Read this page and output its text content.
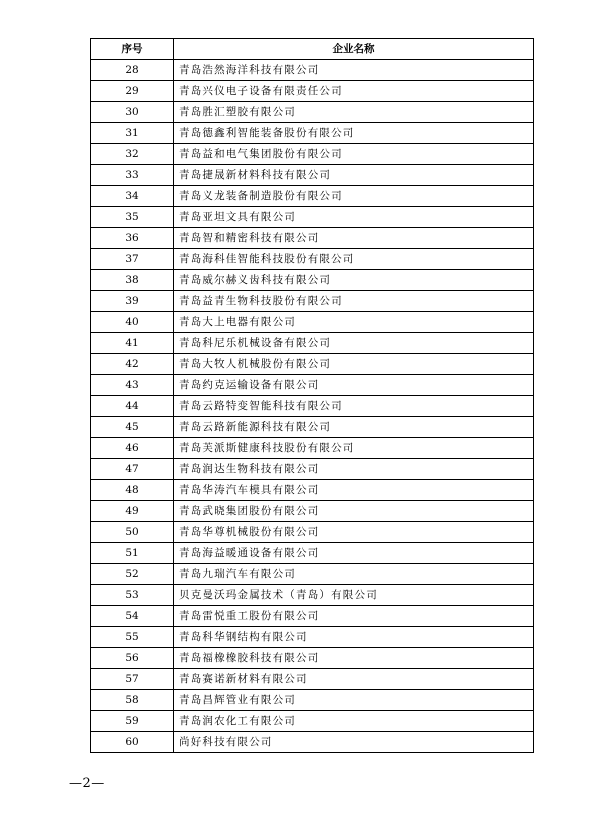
序号	企业名称
28	青岛浩然海洋科技有限公司
29	青岛兴仪电子设备有限责任公司
30	青岛胜汇塑胶有限公司
31	青岛德鑫利智能装备股份有限公司
32	青岛益和电气集团股份有限公司
33	青岛捷晟新材料科技有限公司
34	青岛义龙装备制造股份有限公司
35	青岛亚坦文具有限公司
36	青岛智和精密科技有限公司
37	青岛海科佳智能科技股份有限公司
38	青岛威尔赫义齿科技有限公司
39	青岛益青生物科技股份有限公司
40	青岛大上电器有限公司
41	青岛科尼乐机械设备有限公司
42	青岛大牧人机械股份有限公司
43	青岛约克运输设备有限公司
44	青岛云路特变智能科技有限公司
45	青岛云路新能源科技有限公司
46	青岛芙派斯健康科技股份有限公司
47	青岛润达生物科技有限公司
48	青岛华涛汽车模具有限公司
49	青岛武晓集团股份有限公司
50	青岛华尊机械股份有限公司
51	青岛海益暖通设备有限公司
52	青岛九瑞汽车有限公司
53	贝克曼沃玛金属技术（青岛）有限公司
54	青岛雷悦重工股份有限公司
55	青岛科华钢结构有限公司
56	青岛福橡橡胶科技有限公司
57	青岛赛诺新材料有限公司
58	青岛昌辉管业有限公司
59	青岛润农化工有限公司
60	尚好科技有限公司
—2—
